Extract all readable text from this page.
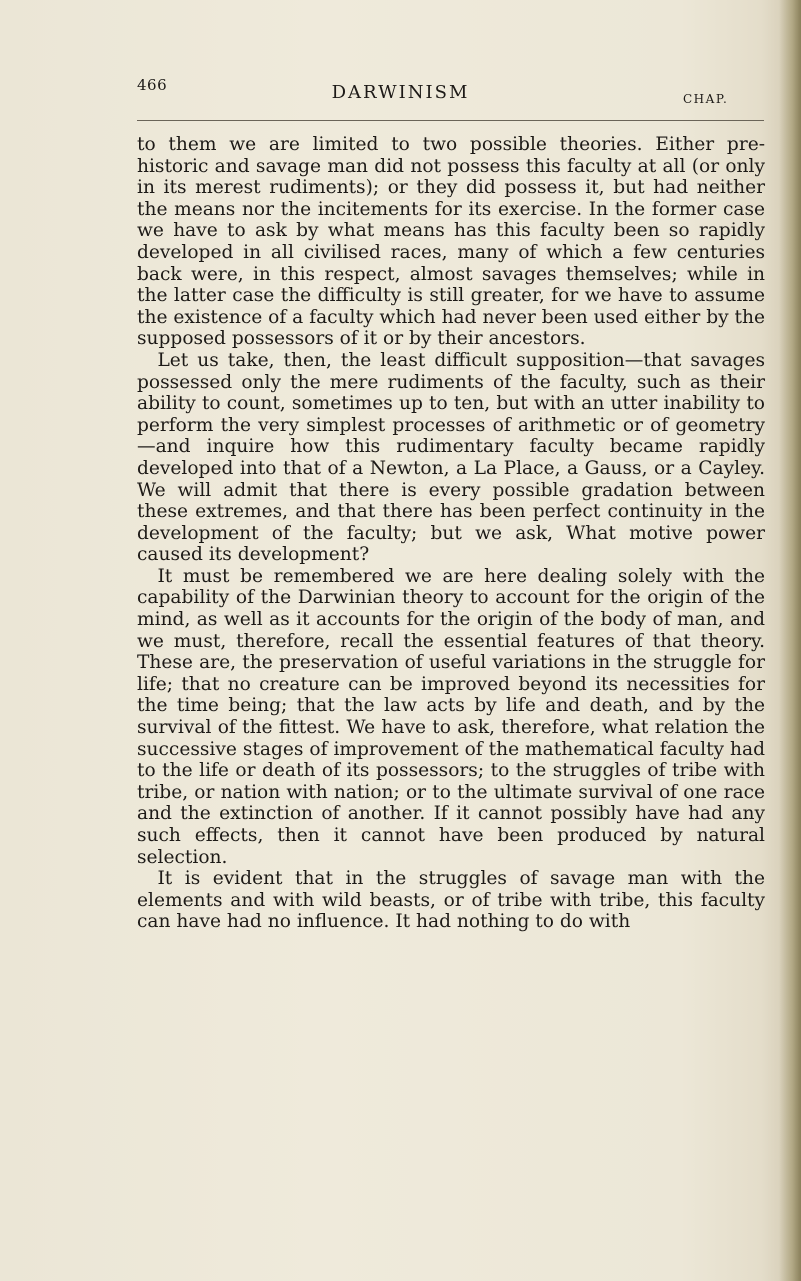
466	DARWINISM	CHAP.

to them we are limited to two possible theories. Either pre-historic and savage man did not possess this faculty at all (or only in its merest rudiments); or they did possess it, but had neither the means nor the incitements for its exercise. In the former case we have to ask by what means has this faculty been so rapidly developed in all civilised races, many of which a few centuries back were, in this respect, almost savages themselves; while in the latter case the difficulty is still greater, for we have to assume the existence of a faculty which had never been used either by the supposed possessors of it or by their ancestors.

Let us take, then, the least difficult supposition—that savages possessed only the mere rudiments of the faculty, such as their ability to count, sometimes up to ten, but with an utter inability to perform the very simplest processes of arithmetic or of geometry—and inquire how this rudimentary faculty became rapidly developed into that of a Newton, a La Place, a Gauss, or a Cayley. We will admit that there is every possible gradation between these extremes, and that there has been perfect continuity in the development of the faculty; but we ask, What motive power caused its development?

It must be remembered we are here dealing solely with the capability of the Darwinian theory to account for the origin of the mind, as well as it accounts for the origin of the body of man, and we must, therefore, recall the essential features of that theory. These are, the preservation of useful variations in the struggle for life; that no creature can be improved beyond its necessities for the time being; that the law acts by life and death, and by the survival of the fittest. We have to ask, therefore, what relation the successive stages of improvement of the mathematical faculty had to the life or death of its possessors; to the struggles of tribe with tribe, or nation with nation; or to the ultimate survival of one race and the extinction of another. If it cannot possibly have had any such effects, then it cannot have been produced by natural selection.

It is evident that in the struggles of savage man with the elements and with wild beasts, or of tribe with tribe, this faculty can have had no influence. It had nothing to do with
